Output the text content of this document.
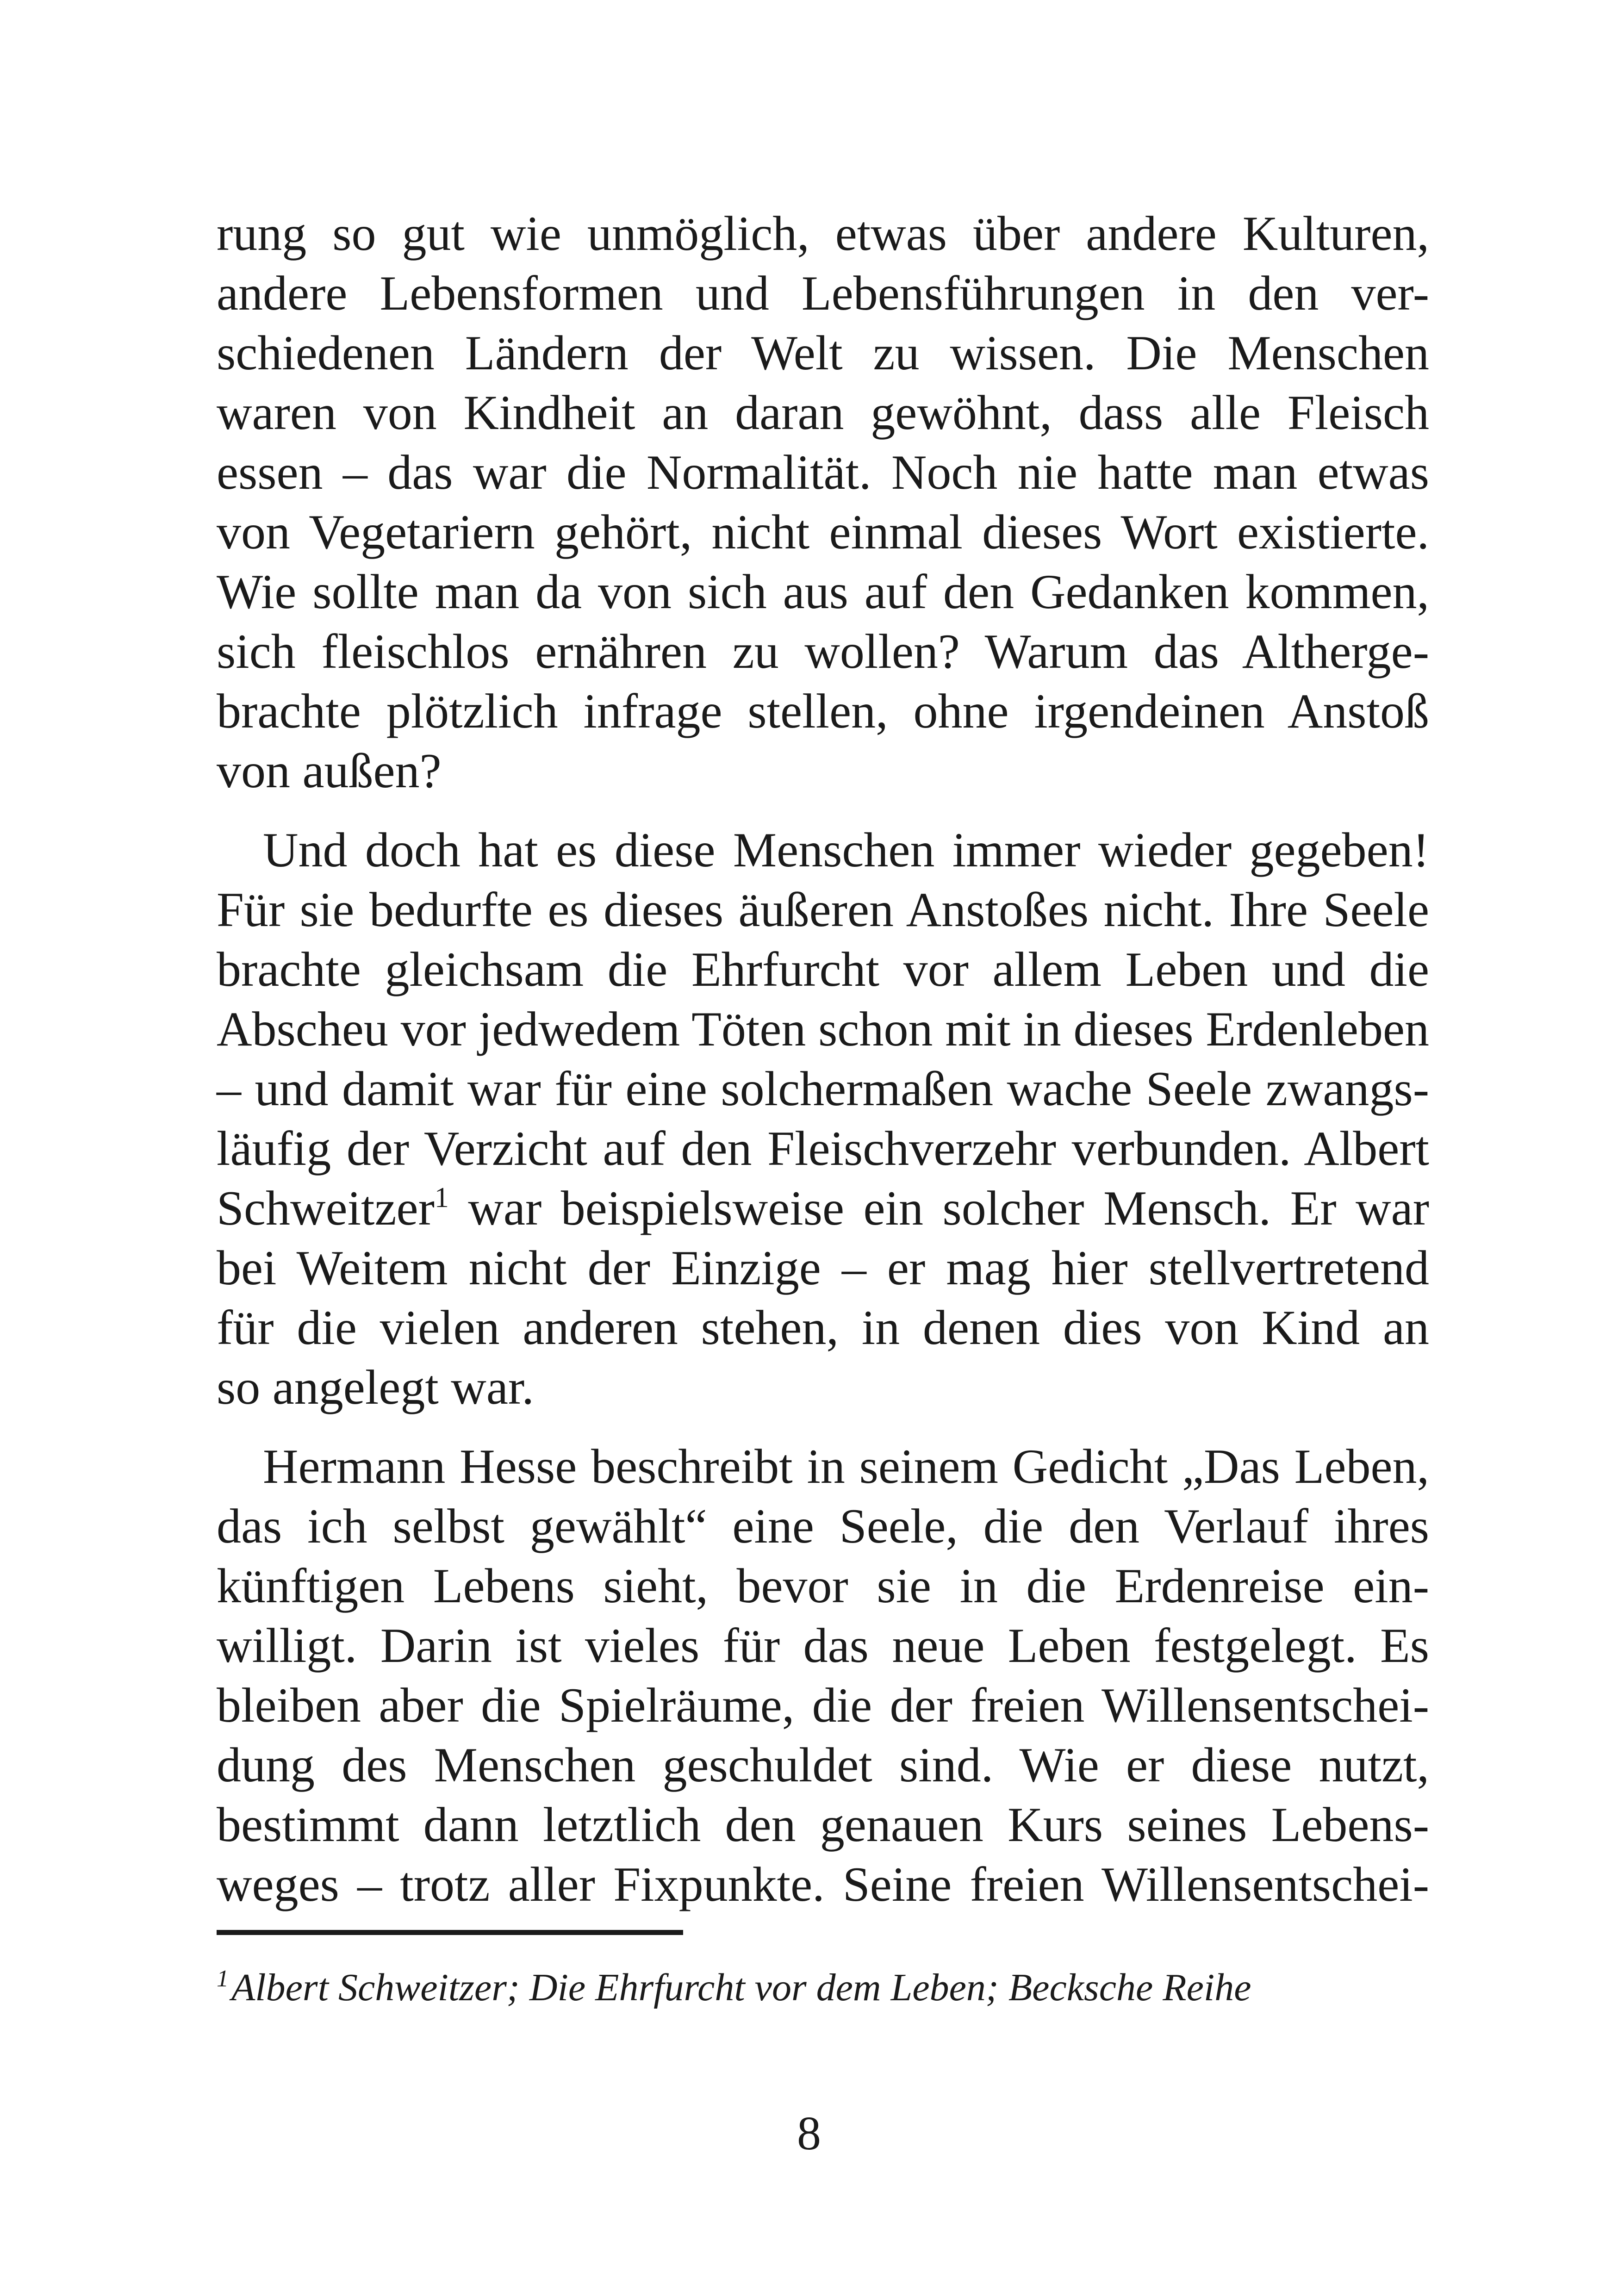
rung so gut wie unmöglich, etwas über andere Kulturen,
andere Lebensformen und Lebensführungen in den ver-
schiedenen Ländern der Welt zu wissen. Die Menschen
waren von Kindheit an daran gewöhnt, dass alle Fleisch
essen – das war die Normalität. Noch nie hatte man etwas
von Vegetariern gehört, nicht einmal dieses Wort existierte.
Wie sollte man da von sich aus auf den Gedanken kommen,
sich fleischlos ernähren zu wollen? Warum das Altherge-
brachte plötzlich infrage stellen, ohne irgendeinen Anstoß
von außen?
Und doch hat es diese Menschen immer wieder gegeben!
Für sie bedurfte es dieses äußeren Anstoßes nicht. Ihre Seele
brachte gleichsam die Ehrfurcht vor allem Leben und die
Abscheu vor jedwedem Töten schon mit in dieses Erdenleben
– und damit war für eine solchermaßen wache Seele zwangs-
läufig der Verzicht auf den Fleischverzehr verbunden. Albert
Schweitzer$^1$ war beispielsweise ein solcher Mensch. Er war
bei Weitem nicht der Einzige – er mag hier stellvertretend
für die vielen anderen stehen, in denen dies von Kind an
so angelegt war.
Hermann Hesse beschreibt in seinem Gedicht „Das Leben,
das ich selbst gewählt“ eine Seele, die den Verlauf ihres
künftigen Lebens sieht, bevor sie in die Erdenreise ein-
willigt. Darin ist vieles für das neue Leben festgelegt. Es
bleiben aber die Spielräume, die der freien Willensentschei-
dung des Menschen geschuldet sind. Wie er diese nutzt,
bestimmt dann letztlich den genauen Kurs seines Lebens-
weges – trotz aller Fixpunkte. Seine freien Willensentschei-
$^1$Albert Schweitzer; Die Ehrfurcht vor dem Leben; Becksche Reihe
8
